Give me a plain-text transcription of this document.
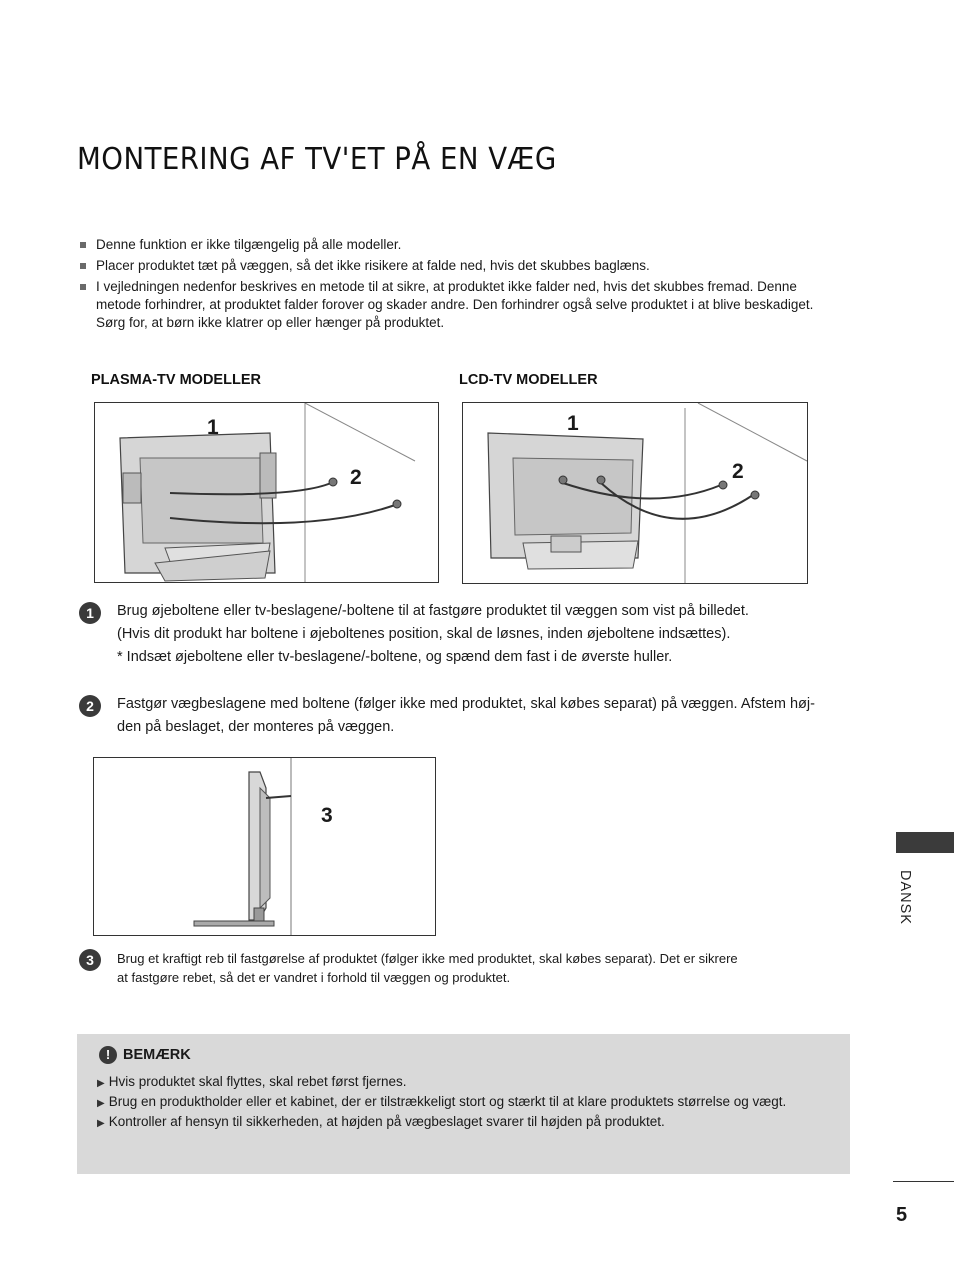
MONTERING AF TV'ET PÅ EN VÆG
Denne funktion er ikke tilgængelig på alle modeller.
Placer produktet tæt på væggen, så det ikke risikere at falde ned, hvis det skubbes baglæns.
I vejledningen nedenfor beskrives en metode til at sikre, at produktet ikke falder ned, hvis det skubbes fremad. Denne metode forhindrer, at produktet falder forover og skader andre. Den forhindrer også selve produktet i at blive beskadiget. Sørg for, at børn ikke klatrer op eller hænger på produktet.
PLASMA-TV MODELLER	LCD-TV MODELLER
1
2
1
2
1	Brug øjeboltene eller tv-beslagene/-boltene til at fastgøre produktet til væggen som vist på billedet.
(Hvis dit produkt har boltene i øjeboltenes position, skal de løsnes, inden øjeboltene indsættes).
* Indsæt øjeboltene eller tv-beslagene/-boltene, og spænd dem fast i de øverste huller.
2	Fastgør vægbeslagene med boltene (følger ikke med produktet, skal købes separat) på væggen. Afstem høj-
den på beslaget, der monteres på væggen.
3
3	Brug et kraftigt reb til fastgørelse af produktet (følger ikke med produktet, skal købes separat). Det er sikrere
at fastgøre rebet, så det er vandret i forhold til væggen og produktet.
! BEMÆRK
▶ Hvis produktet skal flyttes, skal rebet først fjernes.
▶ Brug en produktholder eller et kabinet, der er tilstrækkeligt stort og stærkt til at klare produktets størrelse og vægt.
▶ Kontroller af hensyn til sikkerheden, at højden på vægbeslaget svarer til højden på produktet.
DANSK
5
